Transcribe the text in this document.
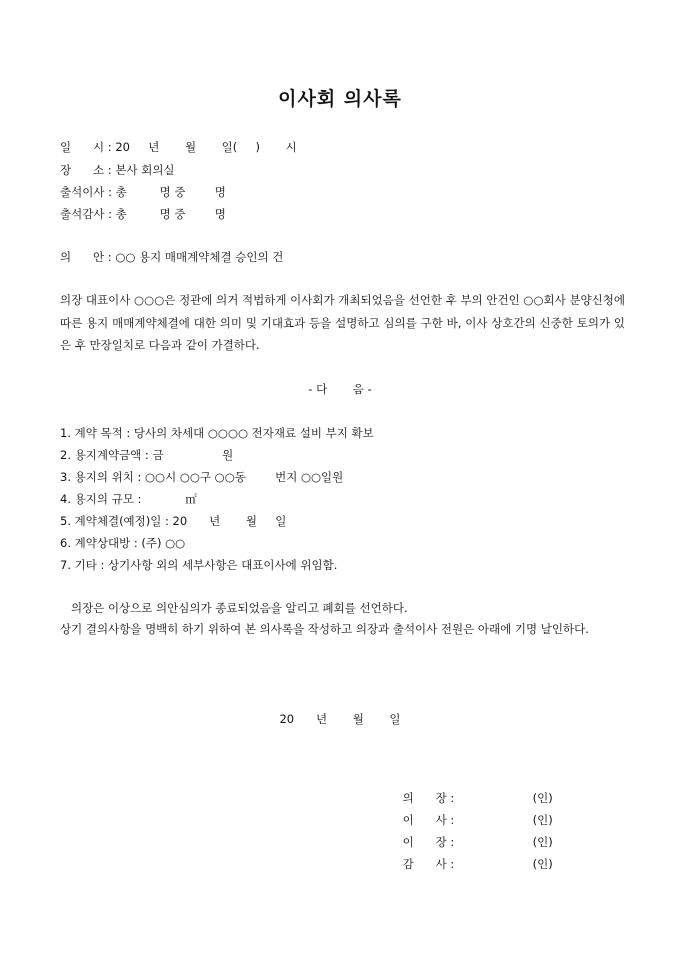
이사회 의사록
일      시 : 20     년       월       일(     )       시
장      소 : 본사 회의실
출석이사 : 총         명 중        명
출석감사 : 총         명 중        명
의      안 : ○○ 용지 매매계약체결 승인의 건
의장 대표이사 ○○○은 정관에 의거 적법하게 이사회가 개최되었음을 선언한 후 부의 안건인 ○○회사 분양신청에 따른 용지 매매계약체결에 대한 의미 및 기대효과 등을 설명하고 심의를 구한 바, 이사 상호간의 신중한 토의가 있은 후 만장일치로 다음과 같이 가결하다.
- 다       음 -
1. 계약 목적 : 당사의 차세대 ○○○○ 전자재료 설비 부지 확보
2. 용지계약금액 : 금                원
3. 용지의 위치 : ○○시 ○○구 ○○동        번지 ○○일원
4. 용지의 규모 :            ㎡
5. 계약체결(예정)일 : 20      년       월     일
6. 계약상대방 : (주) ○○
7. 기타 : 상기사항 외의 세부사항은 대표이사에 위임함.
의장은 이상으로 의안심의가 종료되었음을 알리고 폐회를 선언하다.
상기 결의사항을 명백히 하기 위하여 본 의사록을 작성하고 의장과 출석이사 전원은 아래에 기명 날인하다.
20      년       월       일

의      장 :	(인)

이      사 :	(인)

이      장 :	(인)

감      사 :	(인)
